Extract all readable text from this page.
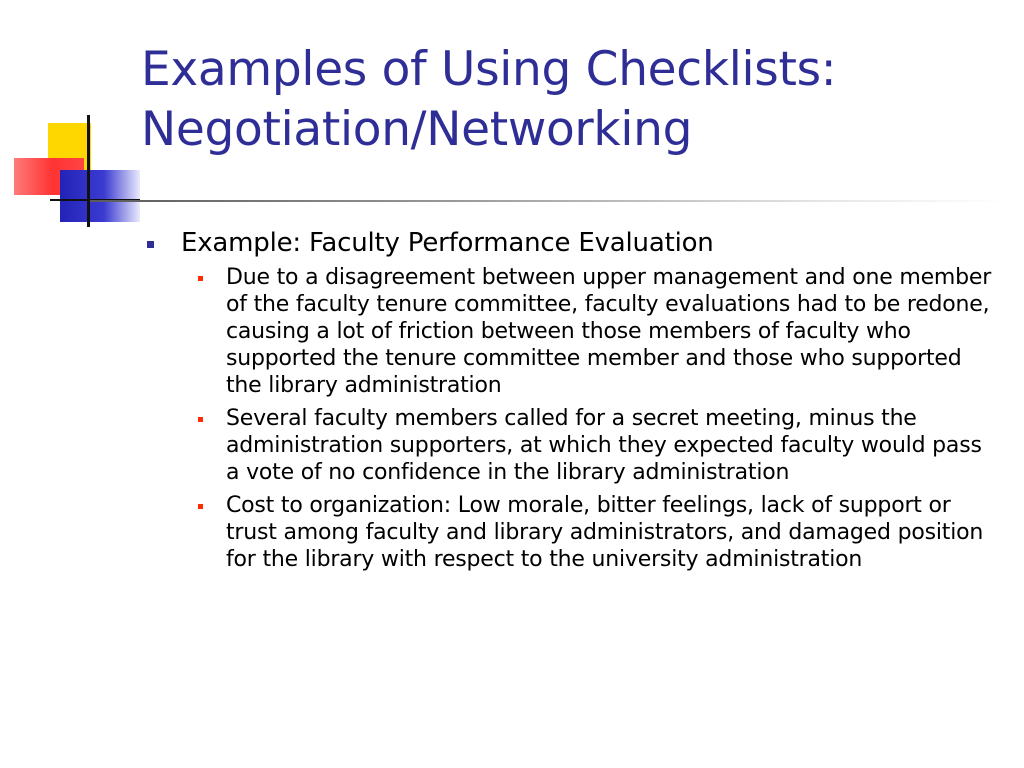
Examples of Using Checklists:
Negotiation/Networking
Example: Faculty Performance Evaluation
Due to a disagreement between upper management and one member of the faculty tenure committee, faculty evaluations had to be redone, causing a lot of friction between those members of faculty who supported the tenure committee member and those who supported the library administration
Several faculty members called for a secret meeting, minus the administration supporters, at which they expected faculty would pass a vote of no confidence in the library administration
Cost to organization: Low morale, bitter feelings, lack of support or trust among faculty and library administrators, and damaged position for the library with respect to the university administration
